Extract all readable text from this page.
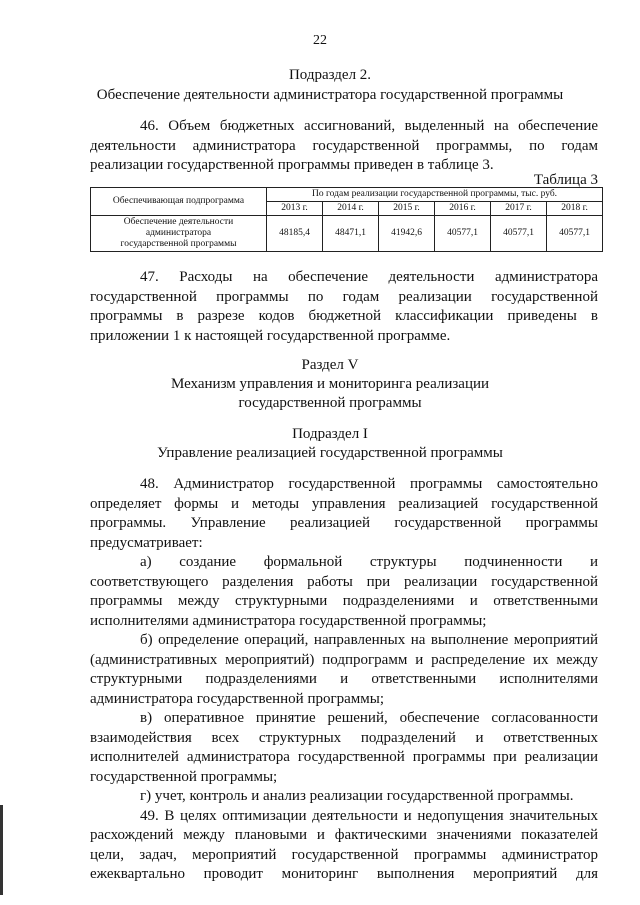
22
Подраздел 2.
Обеспечение деятельности администратора государственной программы

46. Объем бюджетных ассигнований, выделенный на обеспечение

деятельности администратора государственной программы, по годам

реализации государственной программы приведен в таблице 3.

Таблица 3
Обеспечивающая подпрограмма	По годам реализации государственной программы, тыс. руб.					
	2013 г.	2014 г.	2015 г.	2016 г.	2017 г.	2018 г.

Обеспечение деятельности
администратора
государственной программы	48185,4	48471,1	41942,6	40577,1	40577,1	40577,1

47. Расходы на обеспечение деятельности администратора

государственной программы по годам реализации государственной

программы в разрезе кодов бюджетной классификации приведены в

приложении 1 к настоящей государственной программе.

Раздел V
Механизм управления и мониторинга реализации
государственной программы
Подраздел I
Управление реализацией государственной программы

48. Администратор государственной программы самостоятельно

определяет формы и методы управления реализацией государственной

программы. Управление реализацией государственной программы

предусматривает:

а) создание формальной структуры подчиненности и

соответствующего разделения работы при реализации государственной

программы между структурными подразделениями и ответственными

исполнителями администратора государственной программы;

б) определение операций, направленных на выполнение мероприятий

(административных мероприятий) подпрограмм и распределение их между

структурными подразделениями и ответственными исполнителями

администратора государственной программы;

в) оперативное принятие решений, обеспечение согласованности

взаимодействия всех структурных подразделений и ответственных

исполнителей администратора государственной программы при реализации

государственной программы;

г) учет, контроль и анализ реализации государственной программы.

49. В целях оптимизации деятельности и недопущения значительных

расхождений между плановыми и фактическими значениями показателей

цели, задач, мероприятий государственной программы администратор

ежеквартально проводит мониторинг выполнения мероприятий для
